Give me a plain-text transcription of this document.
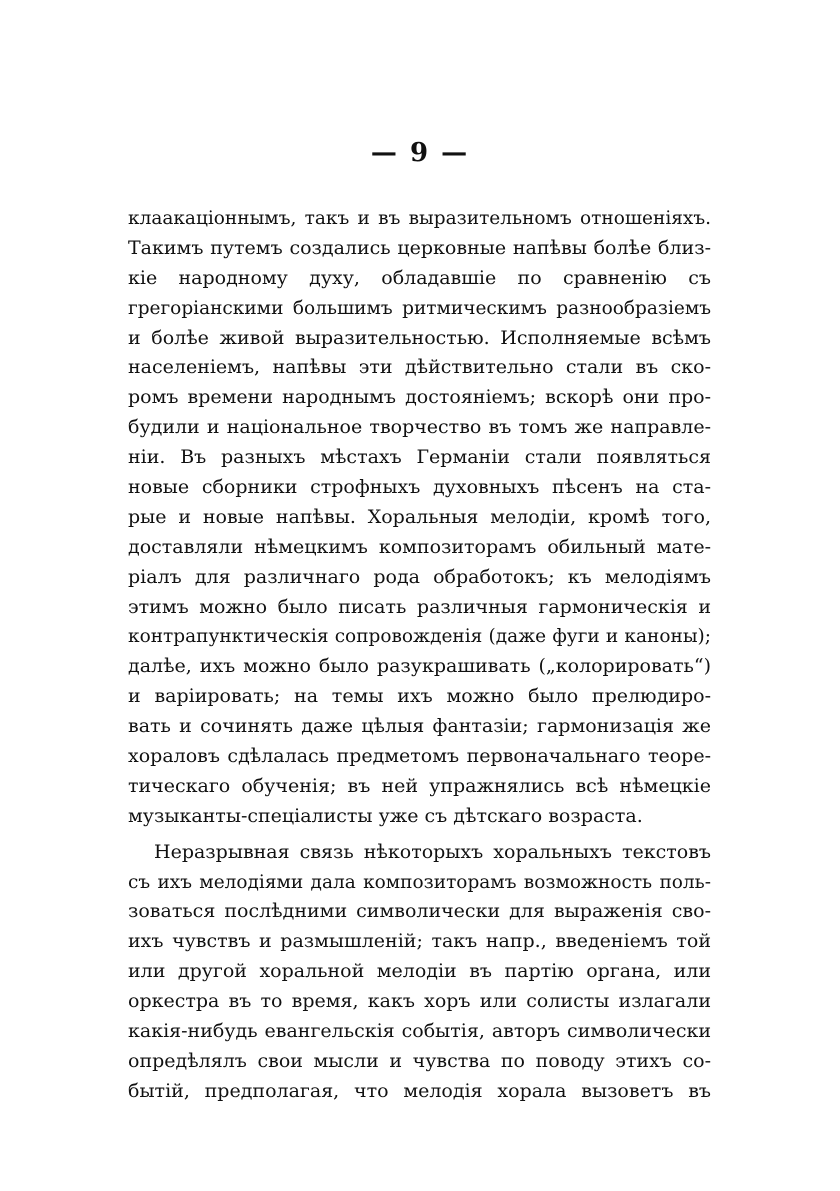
— 9 —
клаакаціоннымъ, такъ и въ выразительномъ отношеніяхъ.
Такимъ путемъ создались церковные напѣвы болѣе близ-
кіе народному духу, обладавшіе по сравненію съ
грегоріанскими большимъ ритмическимъ разнообразіемъ
и болѣе живой выразительностью. Исполняемые всѣмъ
населеніемъ, напѣвы эти дѣйствительно стали въ ско-
ромъ времени народнымъ достояніемъ; вскорѣ они про-
будили и національное творчество въ томъ же направле-
ніи. Въ разныхъ мѣстахъ Германіи стали появляться
новые сборники строфныхъ духовныхъ пѣсенъ на ста-
рые и новые напѣвы. Хоральныя мелодіи, кромѣ того,
доставляли нѣмецкимъ композиторамъ обильный мате-
ріалъ для различнаго рода обработокъ; къ мелодіямъ
этимъ можно было писать различныя гармоническія и
контрапунктическія сопровожденія (даже фуги и каноны);
далѣе, ихъ можно было разукрашивать („колорировать“)
и варіировать; на темы ихъ можно было прелюдиро-
вать и сочинять даже цѣлыя фантазіи; гармонизація же
хораловъ сдѣлалась предметомъ первоначальнаго теоре-
тическаго обученія; въ ней упражнялись всѣ нѣмецкіе
музыканты-спеціалисты уже съ дѣтскаго возраста.
Неразрывная связь нѣкоторыхъ хоральныхъ текстовъ
съ ихъ мелодіями дала композиторамъ возможность поль-
зоваться послѣдними символически для выраженія сво-
ихъ чувствъ и размышленій; такъ напр., введеніемъ той
или другой хоральной мелодіи въ партію органа, или
оркестра въ то время, какъ хоръ или солисты излагали
какія-нибудь евангельскія событія, авторъ символически
опредѣлялъ свои мысли и чувства по поводу этихъ со-
бытій, предполагая, что мелодія хорала вызоветъ въ
